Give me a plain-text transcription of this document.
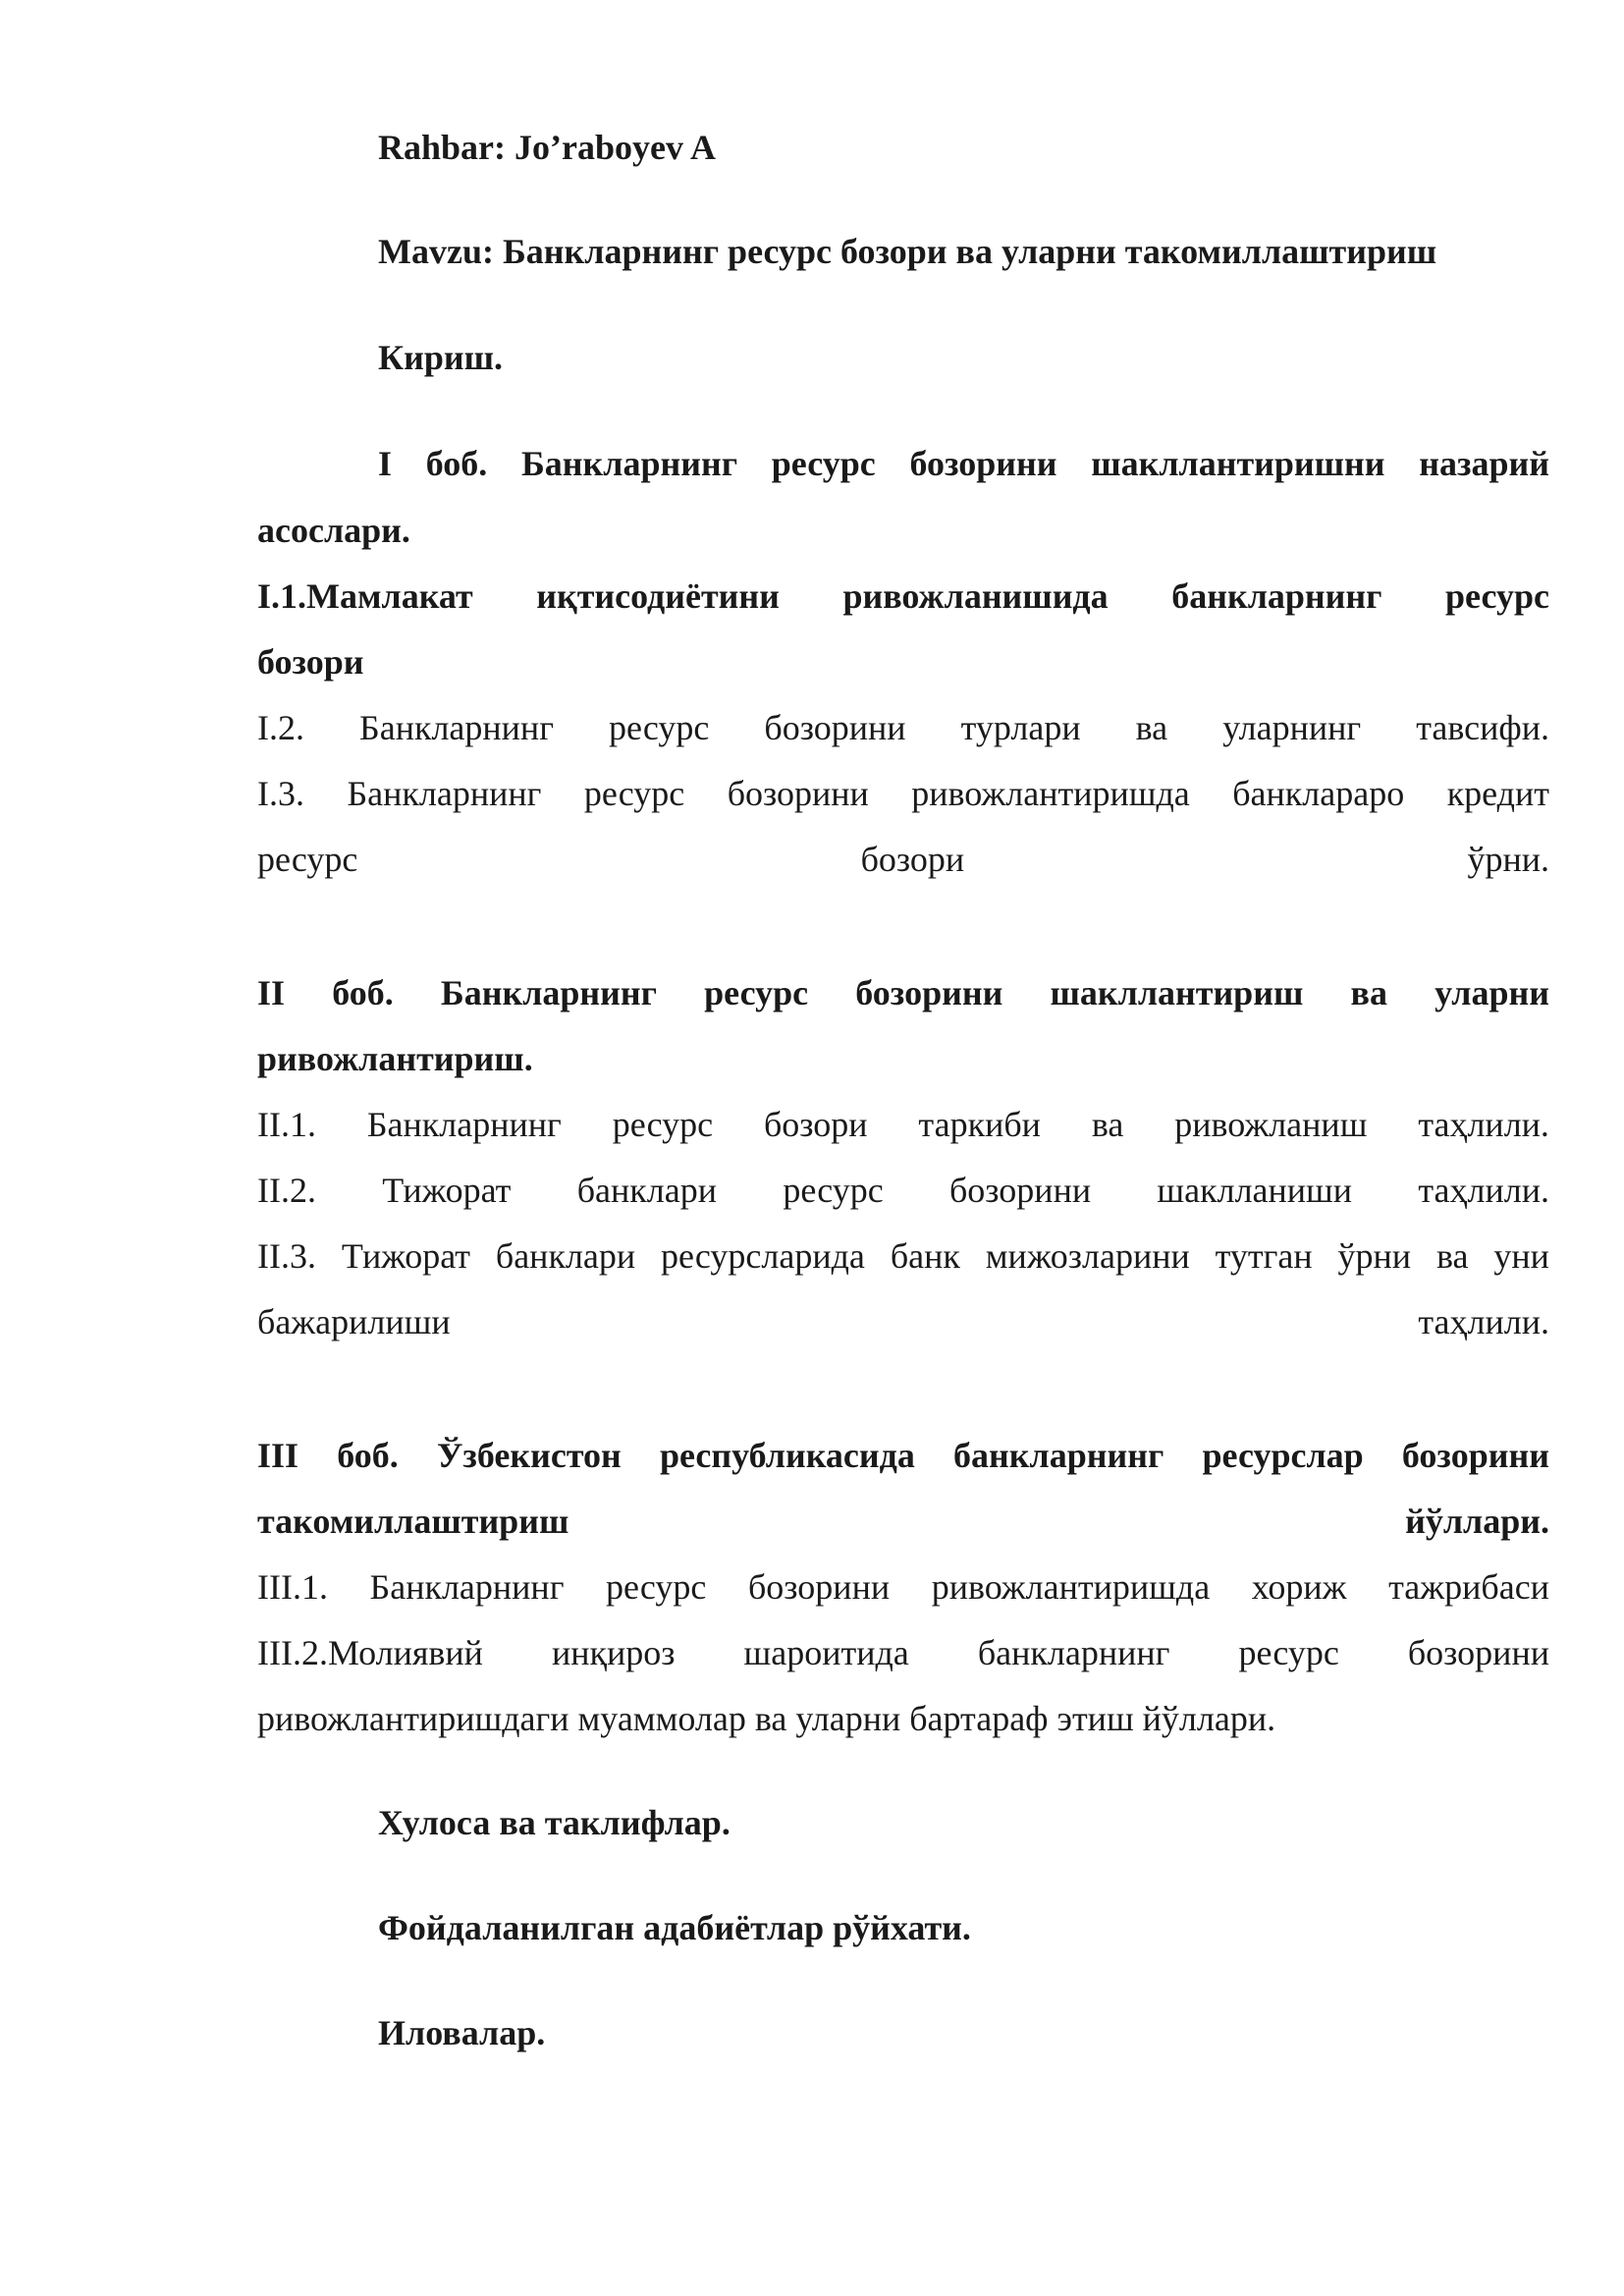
Rahbar: Jo’raboyev A
Mavzu: Банкларнинг ресурс бозори ва уларни такомиллаштириш
Кириш.
I боб. Банкларнинг ресурс бозорини шакллантиришни назарий
асослари.
I.1.Мамлакат иқтисодиётини ривожланишида банкларнинг ресурс
бозори
I.2. Банкларнинг ресурс бозорини турлари ва уларнинг тавсифи.
I.3. Банкларнинг ресурс бозорини ривожлантиришда банклараро кредит
ресурс	бозори	ўрни.
II боб. Банкларнинг ресурс бозорини шакллантириш ва уларни
ривожлантириш.
II.1. Банкларнинг ресурс бозори таркиби ва ривожланиш таҳлили.
II.2. Тижорат банклари ресурс бозорини шаклланиши таҳлили.
II.3. Тижорат банклари ресурсларида банк мижозларини тутган ўрни ва уни
бажарилиши	таҳлили.
III боб. Ўзбекистон республикасида банкларнинг ресурслар бозорини
такомиллаштириш	йўллари.
III.1. Банкларнинг ресурс бозорини ривожлантиришда хориж тажрибаси
III.2.Молиявий инқироз шароитида банкларнинг ресурс бозорини
ривожлантиришдаги муаммолар ва уларни бартараф этиш йўллари.
Хулоса ва таклифлар.
Фойдаланилган адабиётлар рўйхати.
Иловалар.
